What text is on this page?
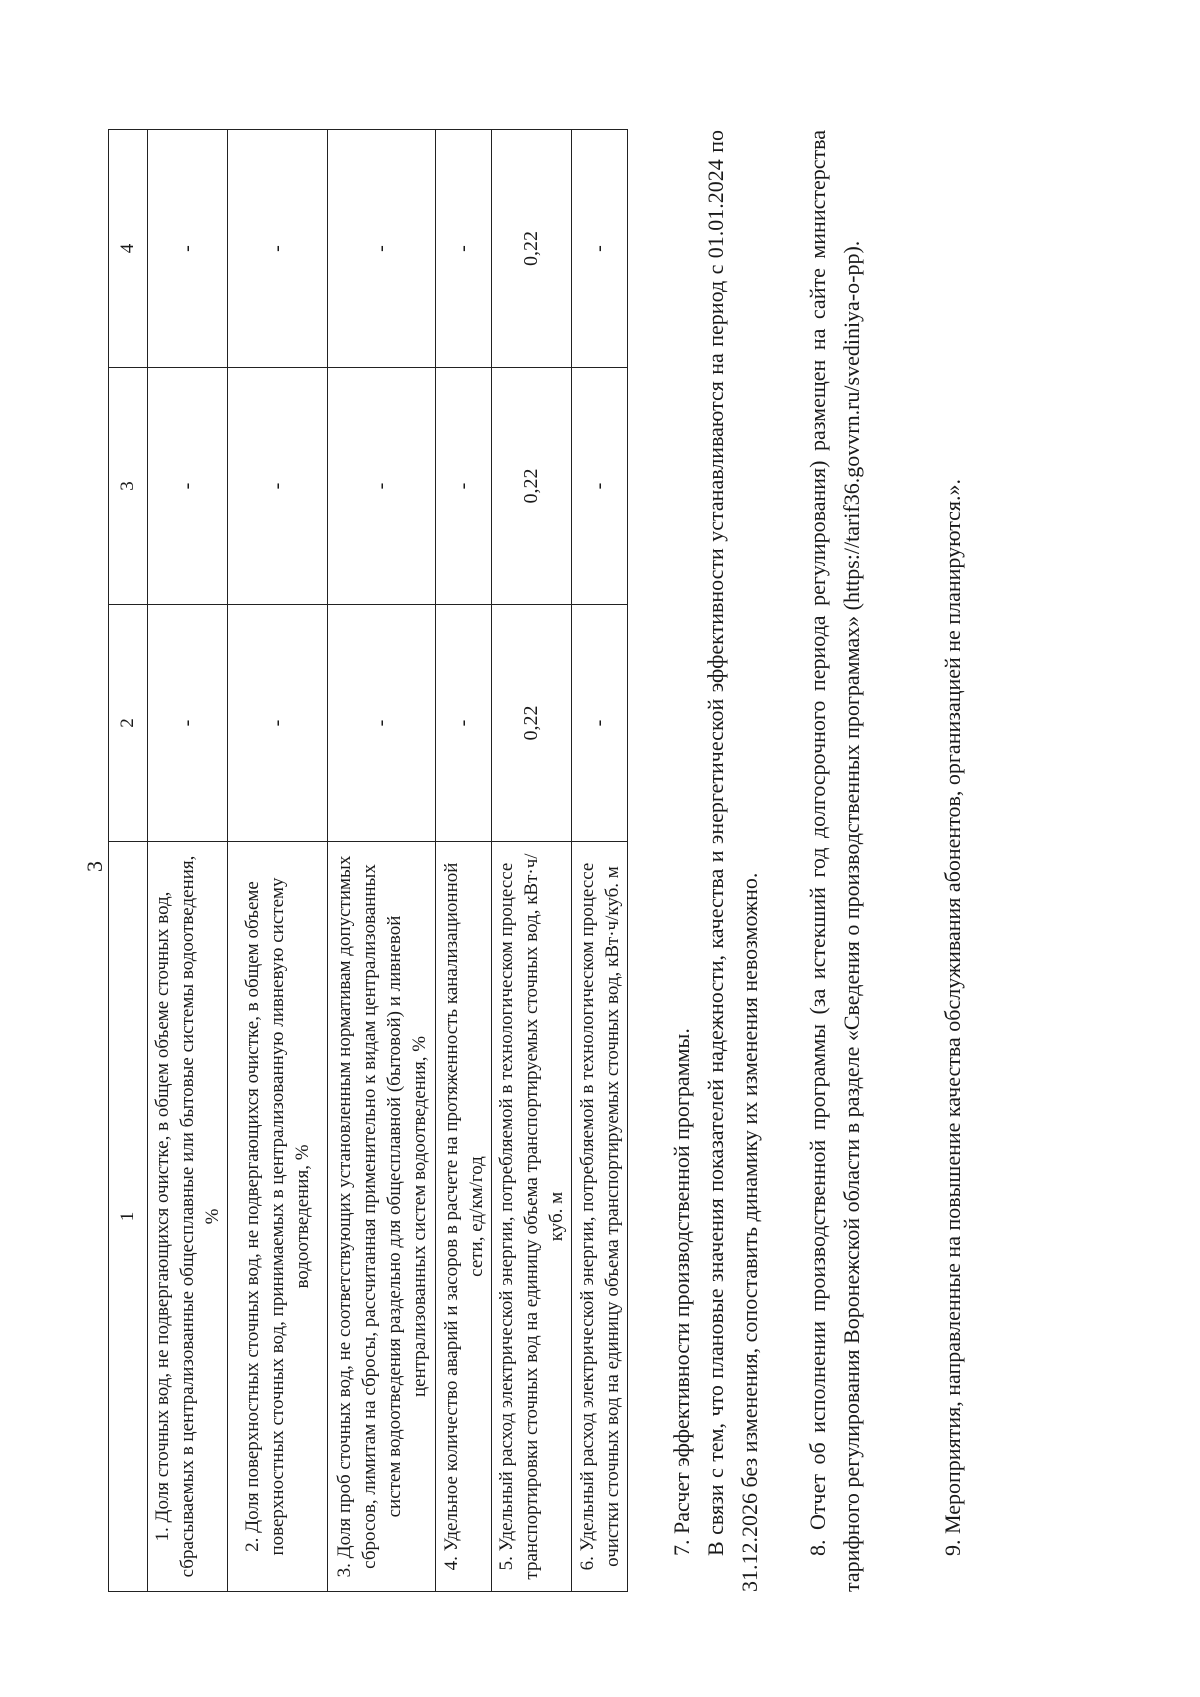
3
1	2	3	4
1. Доля сточных вод, не подвергающихся очистке, в общем объеме сточных вод, сбрасываемых в централизованные общесплавные или бытовые системы водоотведения, %	-	-	-
2. Доля поверхностных сточных вод, не подвергающихся очистке, в общем объеме поверхностных сточных вод, принимаемых в централизованную ливневую систему водоотведения, %	-	-	-
3. Доля проб сточных вод, не соответствующих установленным нормативам допустимых сбросов, лимитам на сбросы, рассчитанная применительно к видам централизованных систем водоотведения раздельно для общесплавной (бытовой) и ливневой централизованных систем водоотведения, %	-	-	-
4. Удельное количество аварий и засоров в расчете на протяженность канализационной сети, ед/км/год	-	-	-
5. Удельный расход электрической энергии, потребляемой в технологическом процессе транспортировки сточных вод на единицу объема транспортируемых сточных вод, кВт·ч/куб. м	0,22	0,22	0,22
6. Удельный расход электрической энергии, потребляемой в технологическом процессе очистки сточных вод на единицу объема транспортируемых сточных вод, кВт·ч/куб. м	-	-	-
7. Расчет эффективности производственной программы. В связи с тем, что плановые значения показателей надежности, качества и энергетической эффективности устанавливаются на период с 01.01.2024 по 31.12.2026 без изменения, сопоставить динамику их изменения невозможно. 8. Отчет об исполнении производственной программы (за истекший год долгосрочного периода регулирования) размещен на сайте министерства тарифного регулирования Воронежской области в разделе «Сведения о производственных программах» (https://tarif36.govvrn.ru/svediniya-o-pp).	9. Мероприятия, направленные на повышение качества обслуживания абонентов, организацией не планируются.».
